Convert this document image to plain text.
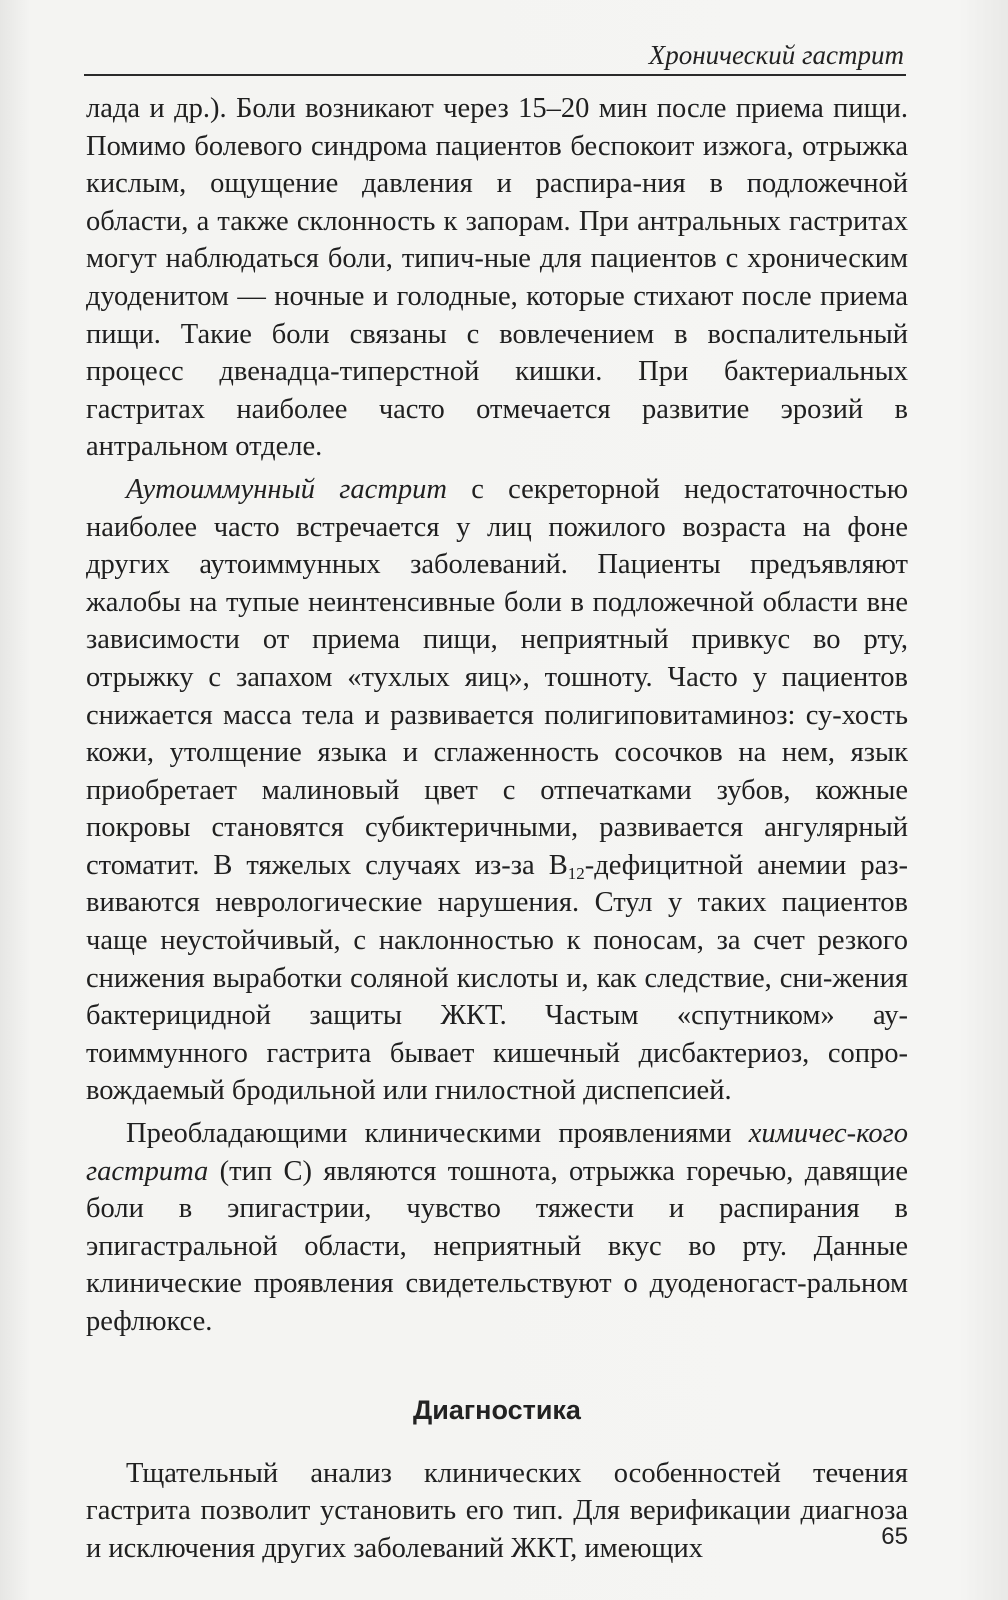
Хронический гастрит

лада и др.). Боли возникают через 15–20 мин после приема пищи. Помимо болевого синдрома пациентов беспокоит изжога, отрыжка кислым, ощущение давления и распира-ния в подложечной области, а также склонность к запорам. При антральных гастритах могут наблюдаться боли, типич-ные для пациентов с хроническим дуоденитом — ночные и голодные, которые стихают после приема пищи. Такие боли связаны с вовлечением в воспалительный процесс двенадца-типерстной кишки. При бактериальных гастритах наиболее часто отмечается развитие эрозий в антральном отделе.

Аутоиммунный гастрит с секреторной недостаточностью наиболее часто встречается у лиц пожилого возраста на фоне других аутоиммунных заболеваний. Пациенты предъявляют жалобы на тупые неинтенсивные боли в подложечной области вне зависимости от приема пищи, неприятный привкус во рту, отрыжку с запахом «тухлых яиц», тошноту. Часто у пациентов снижается масса тела и развивается полигиповитаминоз: су-хость кожи, утолщение языка и сглаженность сосочков на нем, язык приобретает малиновый цвет с отпечатками зубов, кожные покровы становятся субиктеричными, развивается ангулярный стоматит. В тяжелых случаях из-за $B_{12}$-дефицитной анемии раз-виваются неврологические нарушения. Стул у таких пациентов чаще неустойчивый, с наклонностью к поносам, за счет резкого снижения выработки соляной кислоты и, как следствие, сни-жения бактерицидной защиты ЖКТ. Частым «спутником» ау-тоиммунного гастрита бывает кишечный дисбактериоз, сопро-вождаемый бродильной или гнилостной диспепсией.

Преобладающими клиническими проявлениями химичес-кого гастрита (тип C) являются тошнота, отрыжка горечью, давящие боли в эпигастрии, чувство тяжести и распирания в эпигастральной области, неприятный вкус во рту. Данные клинические проявления свидетельствуют о дуоденогаст-ральном рефлюксе.

Диагностика

Тщательный анализ клинических особенностей течения гастрита позволит установить его тип. Для верификации диагноза и исключения других заболеваний ЖКТ, имеющих	65
